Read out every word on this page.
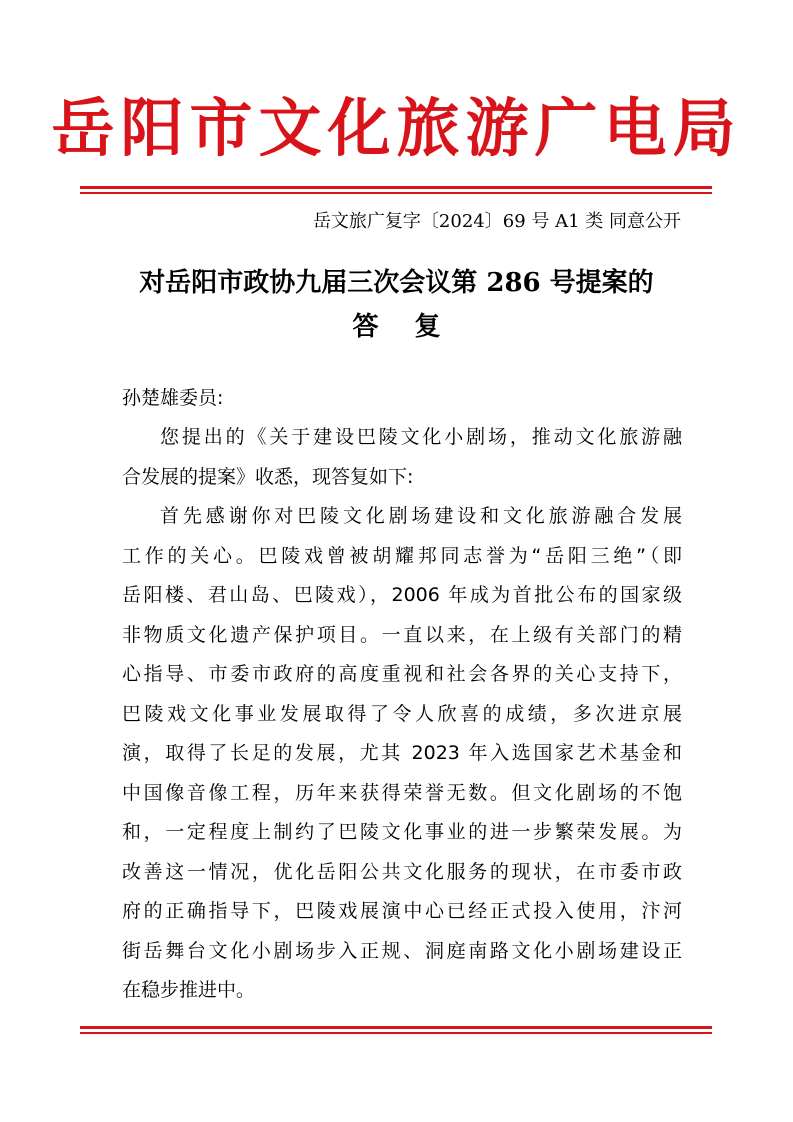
岳阳市文化旅游广电局
岳文旅广复字〔2024〕69 号 A1 类 同意公开
对岳阳市政协九届三次会议第 286 号提案的
答复
孙楚雄委员:
您提出的《关于建设巴陵文化小剧场，推动文化旅游融
合发展的提案》收悉，现答复如下:
首先感谢你对巴陵文化剧场建设和文化旅游融合发展
工作的关心。巴陵戏曾被胡耀邦同志誉为“岳阳三绝”（即
岳阳楼、君山岛、巴陵戏），2006 年成为首批公布的国家级
非物质文化遗产保护项目。一直以来，在上级有关部门的精
心指导、市委市政府的高度重视和社会各界的关心支持下，
巴陵戏文化事业发展取得了令人欣喜的成绩，多次进京展
演，取得了长足的发展，尤其 2023 年入选国家艺术基金和
中国像音像工程，历年来获得荣誉无数。但文化剧场的不饱
和，一定程度上制约了巴陵文化事业的进一步繁荣发展。为
改善这一情况，优化岳阳公共文化服务的现状，在市委市政
府的正确指导下，巴陵戏展演中心已经正式投入使用，汴河
街岳舞台文化小剧场步入正规、洞庭南路文化小剧场建设正
在稳步推进中。
